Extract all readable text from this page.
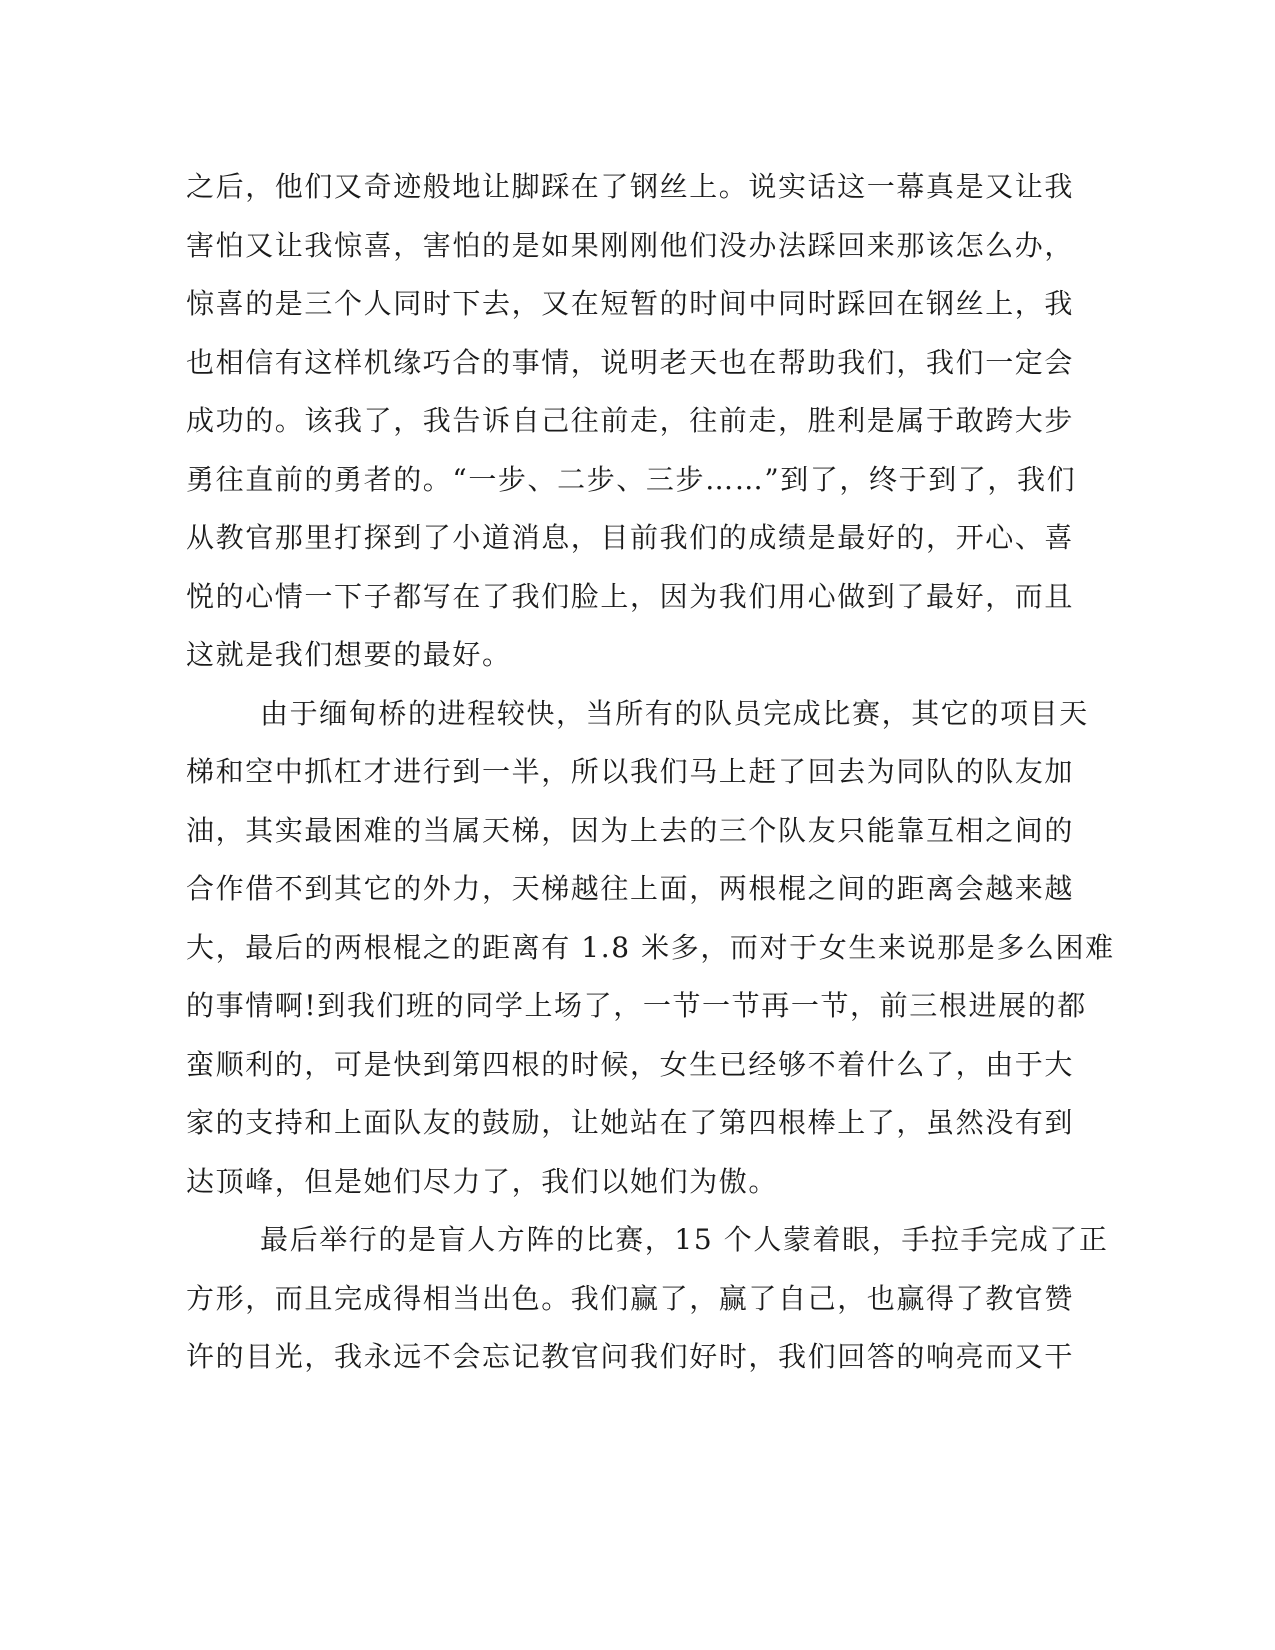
之后，他们又奇迹般地让脚踩在了钢丝上。说实话这一幕真是又让我
害怕又让我惊喜，害怕的是如果刚刚他们没办法踩回来那该怎么办，
惊喜的是三个人同时下去，又在短暂的时间中同时踩回在钢丝上，我
也相信有这样机缘巧合的事情，说明老天也在帮助我们，我们一定会
成功的。该我了，我告诉自己往前走，往前走，胜利是属于敢跨大步
勇往直前的勇者的。“一步、二步、三步……”到了，终于到了，我们
从教官那里打探到了小道消息，目前我们的成绩是最好的，开心、喜
悦的心情一下子都写在了我们脸上，因为我们用心做到了最好，而且
这就是我们想要的最好。
由于缅甸桥的进程较快，当所有的队员完成比赛，其它的项目天
梯和空中抓杠才进行到一半，所以我们马上赶了回去为同队的队友加
油，其实最困难的当属天梯，因为上去的三个队友只能靠互相之间的
合作借不到其它的外力，天梯越往上面，两根棍之间的距离会越来越
大，最后的两根棍之的距离有 1.8 米多，而对于女生来说那是多么困难
的事情啊!到我们班的同学上场了，一节一节再一节，前三根进展的都
蛮顺利的，可是快到第四根的时候，女生已经够不着什么了，由于大
家的支持和上面队友的鼓励，让她站在了第四根棒上了，虽然没有到
达顶峰，但是她们尽力了，我们以她们为傲。
最后举行的是盲人方阵的比赛，15 个人蒙着眼，手拉手完成了正
方形，而且完成得相当出色。我们赢了，赢了自己，也赢得了教官赞
许的目光，我永远不会忘记教官问我们好时，我们回答的响亮而又干
